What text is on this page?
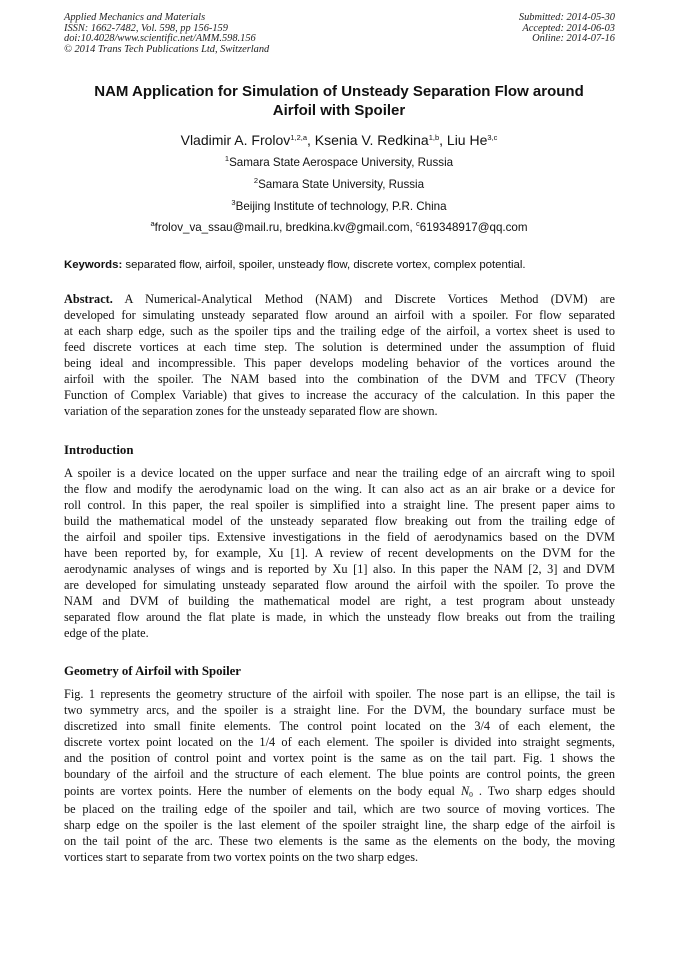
Applied Mechanics and Materials
ISSN: 1662-7482, Vol. 598, pp 156-159
doi:10.4028/www.scientific.net/AMM.598.156
© 2014 Trans Tech Publications Ltd, Switzerland
Submitted: 2014-05-30
Accepted: 2014-06-03
Online: 2014-07-16
NAM Application for Simulation of Unsteady Separation Flow around
Airfoil with Spoiler
Vladimir A. Frolov$^{1,2,a}$, Ksenia V. Redkina$^{1,b}$, Liu He$^{3,c}$
$^1$Samara State Aerospace University, Russia
$^2$Samara State University, Russia
$^3$Beijing Institute of technology, P.R. China
$^a$frolov_va_ssau@mail.ru, bredkina.kv@gmail.com, $^c$619348917@qq.com
Keywords: separated flow, airfoil, spoiler, unsteady flow, discrete vortex, complex potential.
Abstract. A Numerical-Analytical Method (NAM) and Discrete Vortices Method (DVM) are
developed for simulating unsteady separated flow around an airfoil with a spoiler. For flow separated
at each sharp edge, such as the spoiler tips and the trailing edge of the airfoil, a vortex sheet is used to
feed discrete vortices at each time step. The solution is determined under the assumption of fluid
being ideal and incompressible. This paper develops modeling behavior of the vortices around the
airfoil with the spoiler. The NAM based into the combination of the DVM and TFCV (Theory
Function of Complex Variable) that gives to increase the accuracy of the calculation. In this paper the
variation of the separation zones for the unsteady separated flow are shown.
Introduction
A spoiler is a device located on the upper surface and near the trailing edge of an aircraft wing to spoil
the flow and modify the aerodynamic load on the wing. It can also act as an air brake or a device for
roll control. In this paper, the real spoiler is simplified into a straight line. The present paper aims to
build the mathematical model of the unsteady separated flow breaking out from the trailing edge of
the airfoil and spoiler tips. Extensive investigations in the field of aerodynamics based on the DVM
have been reported by, for example, Xu [1]. A review of recent developments on the DVM for the
aerodynamic analyses of wings and is reported by Xu [1] also. In this paper the NAM [2, 3] and DVM
are developed for simulating unsteady separated flow around the airfoil with the spoiler. To prove the
NAM and DVM of building the mathematical model are right, a test program about unsteady
separated flow around the flat plate is made, in which the unsteady flow breaks out from the trailing
edge of the plate.
Geometry of Airfoil with Spoiler
Fig. 1 represents the geometry structure of the airfoil with spoiler. The nose part is an ellipse, the tail is
two symmetry arcs, and the spoiler is a straight line. For the DVM, the boundary surface must be
discretized into small finite elements. The control point located on the 3/4 of each element, the
discrete vortex point located on the 1/4 of each element. The spoiler is divided into straight segments,
and the position of control point and vortex point is the same as on the tail part. Fig. 1 shows the
boundary of the airfoil and the structure of each element. The blue points are control points, the green
points are vortex points. Here the number of elements on the body equal $N_0$ . Two sharp edges should
be placed on the trailing edge of the spoiler and tail, which are two source of moving vortices. The
sharp edge on the spoiler is the last element of the spoiler straight line, the sharp edge of the airfoil is
on the tail point of the arc. These two elements is the same as the elements on the body, the moving
vortices start to separate from two vortex points on the two sharp edges.
